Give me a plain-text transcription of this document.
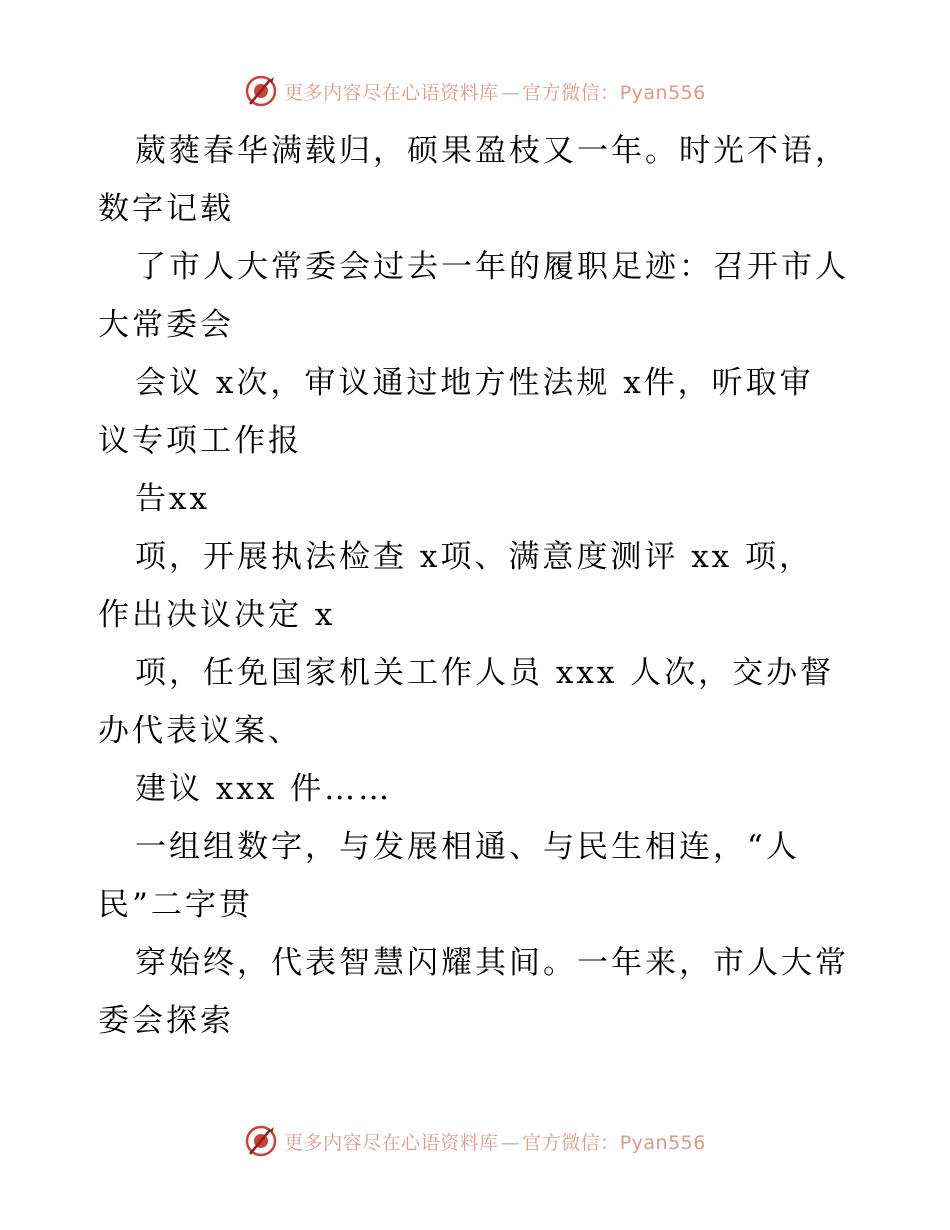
更多内容尽在心语资料库 — 官方微信：Pyan556
葳蕤春华满载归，硕果盈枝又一年。时光不语，
数字记载
了市人大常委会过去一年的履职足迹：召开市人
大常委会
会议 x次，审议通过地方性法规 x件，听取审
议专项工作报
告xx
项，开展执法检查 x项、满意度测评 xx 项，
作出决议决定 x
项，任免国家机关工作人员 xxx 人次，交办督
办代表议案、
建议 xxx 件……
一组组数字，与发展相通、与民生相连，“人
民”二字贯
穿始终，代表智慧闪耀其间。一年来，市人大常
委会探索
更多内容尽在心语资料库 — 官方微信：Pyan556
